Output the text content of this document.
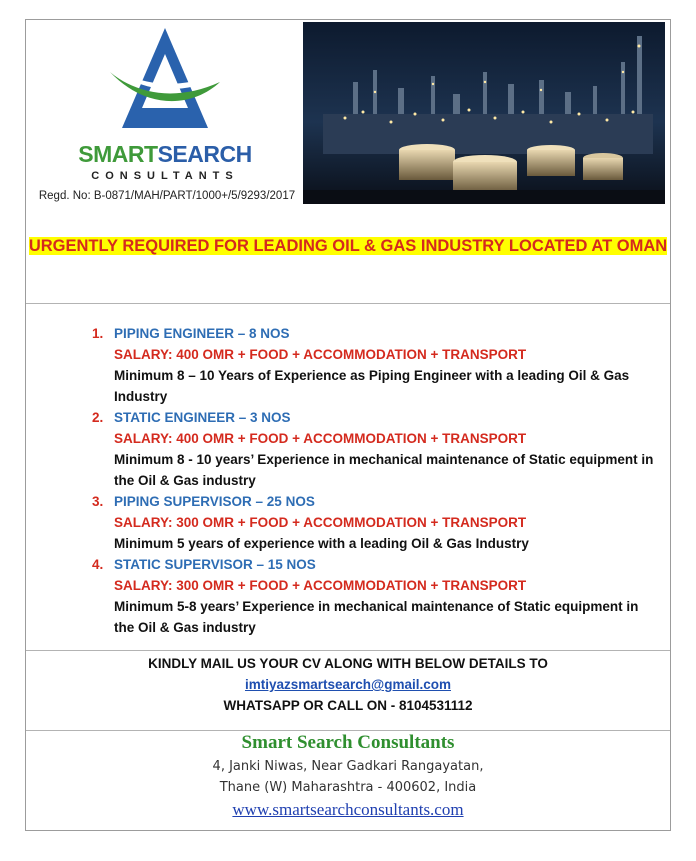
SMARTSEARCH
CONSULTANTS
Regd. No: B-0871/MAH/PART/1000+/5/9293/2017
URGENTLY REQUIRED FOR LEADING OIL & GAS INDUSTRY LOCATED AT OMAN
1. PIPING ENGINEER – 8 NOS
SALARY: 400 OMR + FOOD + ACCOMMODATION + TRANSPORT
Minimum 8 – 10 Years of Experience as Piping Engineer with a leading Oil & Gas Industry
2. STATIC ENGINEER – 3 NOS
SALARY: 400 OMR + FOOD + ACCOMMODATION + TRANSPORT
Minimum 8 - 10 years’ Experience in mechanical maintenance of Static equipment in the Oil & Gas industry
3. PIPING SUPERVISOR – 25 NOS
SALARY: 300 OMR + FOOD + ACCOMMODATION + TRANSPORT
Minimum 5 years of experience with a leading Oil & Gas Industry
4. STATIC SUPERVISOR – 15 NOS
SALARY: 300 OMR + FOOD + ACCOMMODATION + TRANSPORT
Minimum 5-8 years’ Experience in mechanical maintenance of Static equipment in the Oil & Gas industry
KINDLY MAIL US YOUR CV ALONG WITH BELOW DETAILS TO
imtiyazsmartsearch@gmail.com
WHATSAPP OR CALL ON - 8104531112
Smart Search Consultants
4, Janki Niwas, Near Gadkari Rangayatan,
Thane (W) Maharashtra - 400602, India
www.smartsearchconsultants.com
